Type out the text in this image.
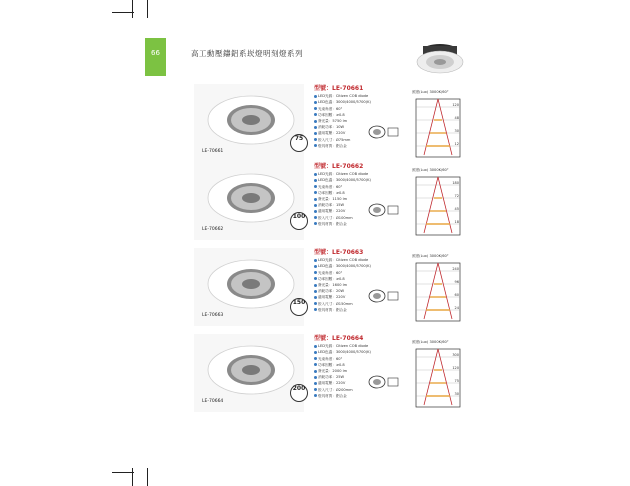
66	高工動壓鑄鋁系崁燈明刻燈系列
LE-70661
75
型號：LE-70661
LED光源：Citizen COB diode
LED色溫：3000/4000/5700(K)
光束角度：60°
功率因數：≥0.8
發光量：5750 lm
消耗功率：10W
適用電壓：220V
崁入尺寸：Ø75mm
燈具材質：鋁合金
照度(Lux) 3000K/60°
120
48
30
12
LE-70662
100
型號：LE-70662
LED光源：Citizen COB diode
LED色溫：3000/4000/5700(K)
光束角度：60°
功率因數：≥0.8
發光量：1150 lm
消耗功率：15W
適用電壓：220V
崁入尺寸：Ø100mm
燈具材質：鋁合金
照度(Lux) 3000K/60°
180
72
45
18
LE-70663
150
型號：LE-70663
LED光源：Citizen COB diode
LED色溫：3000/4000/5700(K)
光束角度：60°
功率因數：≥0.8
發光量：1600 lm
消耗功率：20W
適用電壓：220V
崁入尺寸：Ø150mm
燈具材質：鋁合金
照度(Lux) 3000K/60°
240
96
60
24
LE-70664
200
型號：LE-70664
LED光源：Citizen COB diode
LED色溫：3000/4000/5700(K)
光束角度：60°
功率因數：≥0.8
發光量：2000 lm
消耗功率：25W
適用電壓：220V
崁入尺寸：Ø200mm
燈具材質：鋁合金
照度(Lux) 3000K/60°
300
120
75
30
